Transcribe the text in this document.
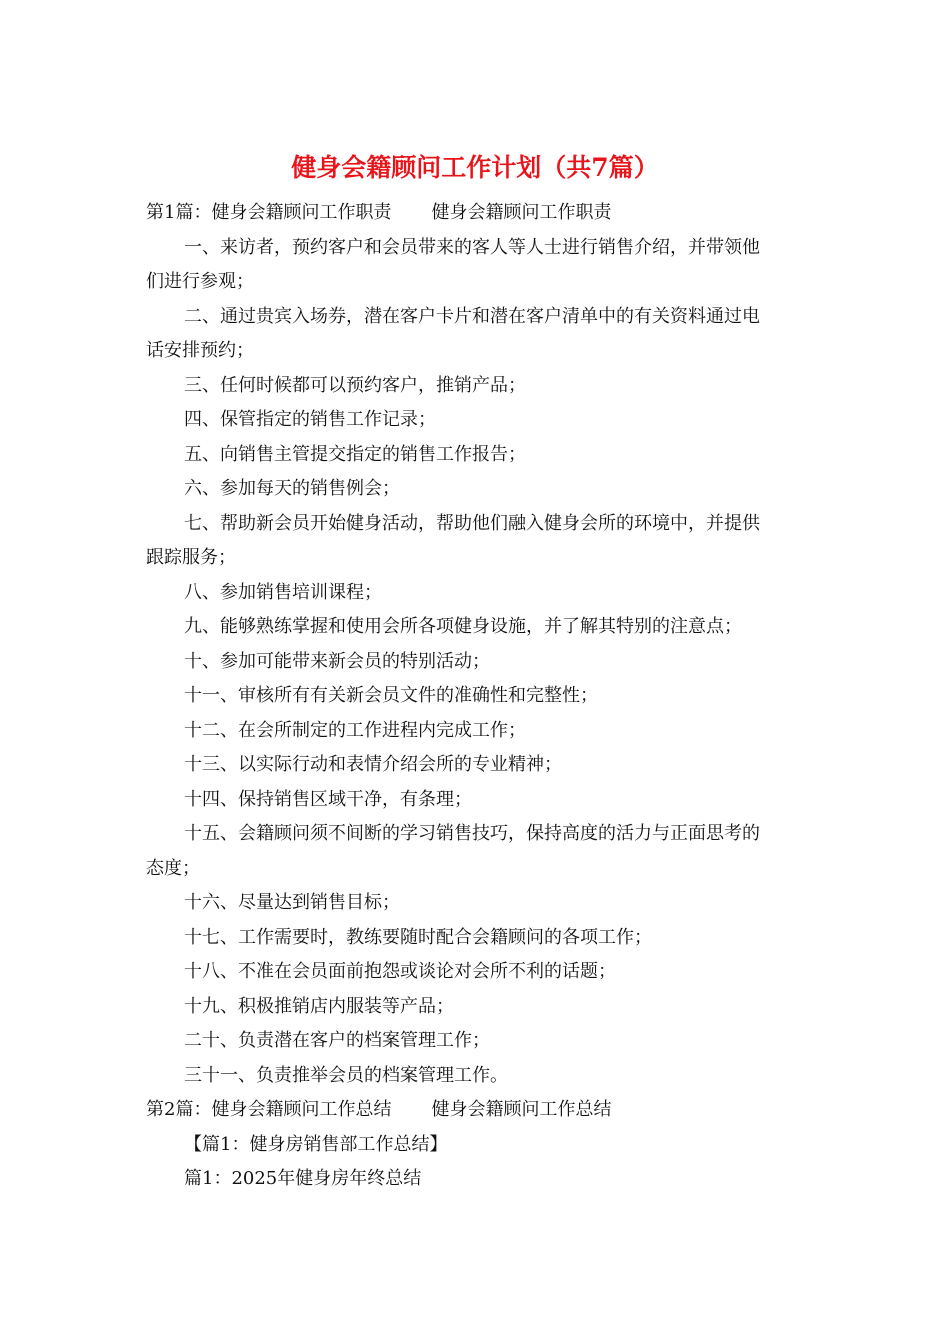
健身会籍顾问工作计划（共7篇）
第1篇：健身会籍顾问工作职责 健身会籍顾问工作职责
一、来访者，预约客户和会员带来的客人等人士进行销售介绍，并带领他
们进行参观；
二、通过贵宾入场券，潜在客户卡片和潜在客户清单中的有关资料通过电
话安排预约；
三、任何时候都可以预约客户，推销产品；
四、保管指定的销售工作记录；
五、向销售主管提交指定的销售工作报告；
六、参加每天的销售例会；
七、帮助新会员开始健身活动，帮助他们融入健身会所的环境中，并提供
跟踪服务；
八、参加销售培训课程；
九、能够熟练掌握和使用会所各项健身设施，并了解其特别的注意点；
十、参加可能带来新会员的特别活动；
十一、审核所有有关新会员文件的准确性和完整性；
十二、在会所制定的工作进程内完成工作；
十三、以实际行动和表情介绍会所的专业精神；
十四、保持销售区域干净，有条理；
十五、会籍顾问须不间断的学习销售技巧，保持高度的活力与正面思考的
态度；
十六、尽量达到销售目标；
十七、工作需要时，教练要随时配合会籍顾问的各项工作；
十八、不准在会员面前抱怨或谈论对会所不利的话题；
十九、积极推销店内服装等产品；
二十、负责潜在客户的档案管理工作；
三十一、负责推举会员的档案管理工作。
第2篇：健身会籍顾问工作总结 健身会籍顾问工作总结
【篇1：健身房销售部工作总结】
篇1：2025年健身房年终总结
